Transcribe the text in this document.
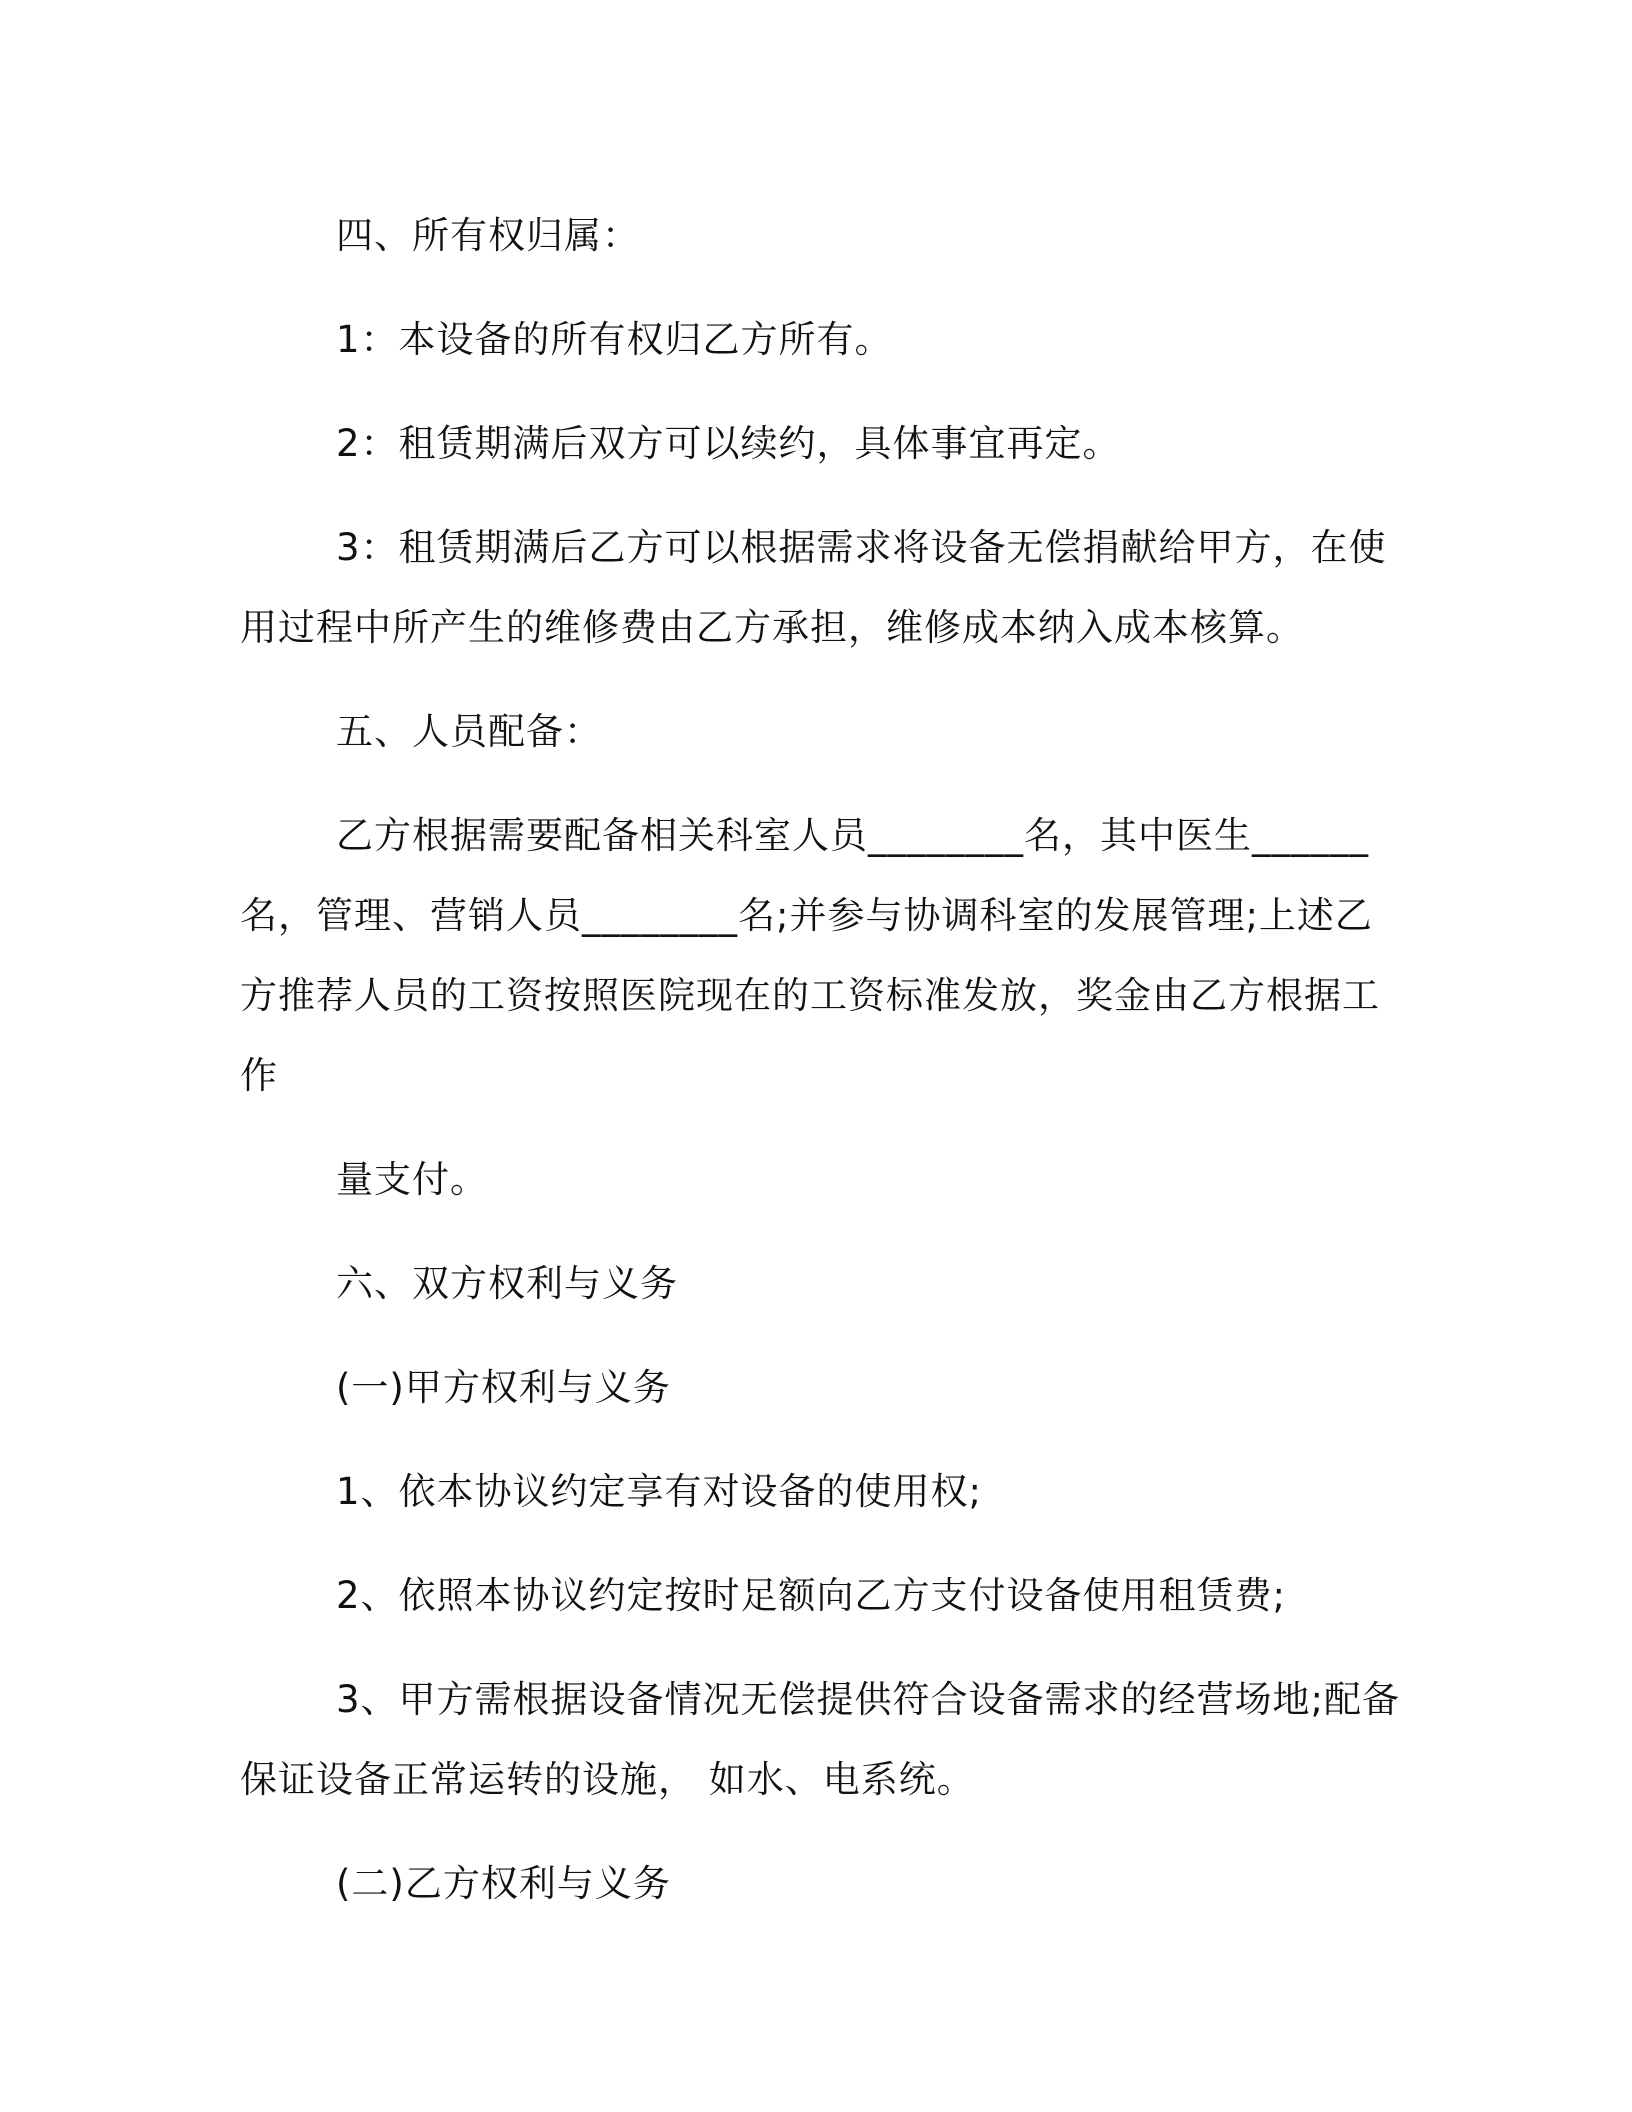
四、所有权归属：

1：本设备的所有权归乙方所有。

2：租赁期满后双方可以续约，具体事宜再定。

3：租赁期满后乙方可以根据需求将设备无偿捐献给甲方，在使
用过程中所产生的维修费由乙方承担，维修成本纳入成本核算。

五、人员配备：

乙方根据需要配备相关科室人员________名，其中医生______
名，管理、营销人员________名;并参与协调科室的发展管理;上述乙
方推荐人员的工资按照医院现在的工资标准发放，奖金由乙方根据工
作

量支付。

六、双方权利与义务

(一)甲方权利与义务

1、依本协议约定享有对设备的使用权;

2、依照本协议约定按时足额向乙方支付设备使用租赁费;

3、甲方需根据设备情况无偿提供符合设备需求的经营场地;配备
保证设备正常运转的设施， 如水、电系统。

(二)乙方权利与义务
